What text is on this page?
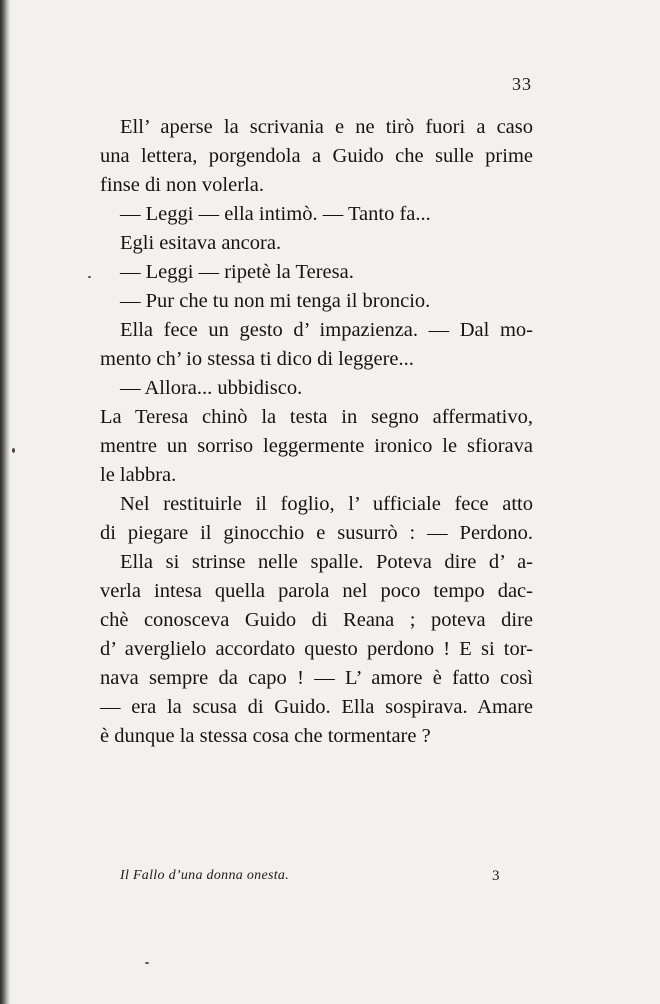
33
Ell’ aperse la scrivania e ne tirò fuori a caso
una lettera, porgendola a Guido che sulle prime
finse di non volerla.
— Leggi — ella intimò. — Tanto fa...
Egli esitava ancora.
— Leggi — ripetè la Teresa.
— Pur che tu non mi tenga il broncio.
Ella fece un gesto d’ impazienza. — Dal mo-
mento ch’ io stessa ti dico di leggere...
— Allora... ubbidisco.
La Teresa chinò la testa in segno affermativo,
mentre un sorriso leggermente ironico le sfiorava
le labbra.
Nel restituirle il foglio, l’ ufficiale fece atto
di piegare il ginocchio e susurrò : — Perdono.
Ella si strinse nelle spalle. Poteva dire d’ a-
verla intesa quella parola nel poco tempo dac-
chè conosceva Guido di Reana ; poteva dire
d’ averglielo accordato questo perdono ! E si tor-
nava sempre da capo ! — L’ amore è fatto così
— era la scusa di Guido. Ella sospirava. Amare
è dunque la stessa cosa che tormentare ?
Il Fallo d’una donna onesta.	3
